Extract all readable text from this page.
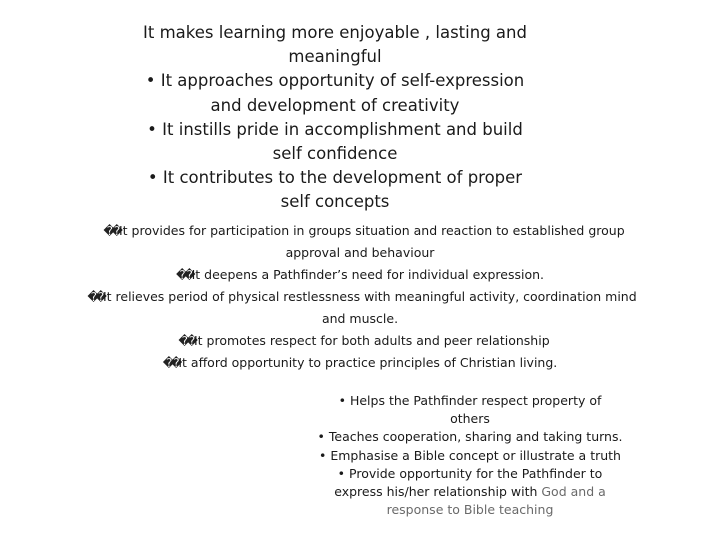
It makes learning more enjoyable , lasting and
meaningful
• It approaches opportunity of self-expression
and development of creativity
• It instills pride in accomplishment and build
self confidence
• It contributes to the development of proper
self concepts
��It provides for participation in groups situation and reaction to established group
approval and behaviour
��It deepens a Pathfinder’s need for individual expression.
��It relieves period of physical restlessness with meaningful activity, coordination mind
and muscle.
��It promotes respect for both adults and peer relationship
��It afford opportunity to practice principles of Christian living.
• Helps the Pathfinder respect property of
others
• Teaches cooperation, sharing and taking turns.
• Emphasise a Bible concept or illustrate a truth
• Provide opportunity for the Pathfinder to
express his/her relationship with God and a
response to Bible teaching
